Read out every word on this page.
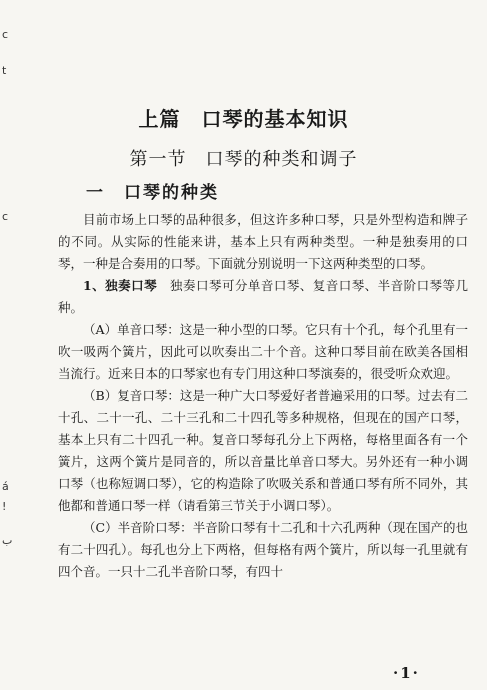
c
t
c
á
!
ب
上篇　口琴的基本知识
第一节　口琴的种类和调子
一　口琴的种类

目前市场上口琴的品种很多，但这许多种口琴，只是外型构造和牌子的不同。从实际的性能来讲，基本上只有两种类型。一种是独奏用的口琴，一种是合奏用的口琴。下面就分别说明一下这两种类型的口琴。

1、独奏口琴　独奏口琴可分单音口琴、复音口琴、半音阶口琴等几种。

（A）单音口琴：这是一种小型的口琴。它只有十个孔，每个孔里有一吹一吸两个簧片，因此可以吹奏出二十个音。这种口琴目前在欧美各国相当流行。近来日本的口琴家也有专门用这种口琴演奏的，很受听众欢迎。

（B）复音口琴：这是一种广大口琴爱好者普遍采用的口琴。过去有二十孔、二十一孔、二十三孔和二十四孔等多种规格，但现在的国产口琴，基本上只有二十四孔一种。复音口琴每孔分上下两格，每格里面各有一个簧片，这两个簧片是同音的，所以音量比单音口琴大。另外还有一种小调口琴（也称短调口琴），它的构造除了吹吸关系和普通口琴有所不同外，其他都和普通口琴一样（请看第三节关于小调口琴）。

（C）半音阶口琴：半音阶口琴有十二孔和十六孔两种（现在国产的也有二十四孔）。每孔也分上下两格，但每格有两个簧片，所以每一孔里就有四个音。一只十二孔半音阶口琴，有四十

·1·
